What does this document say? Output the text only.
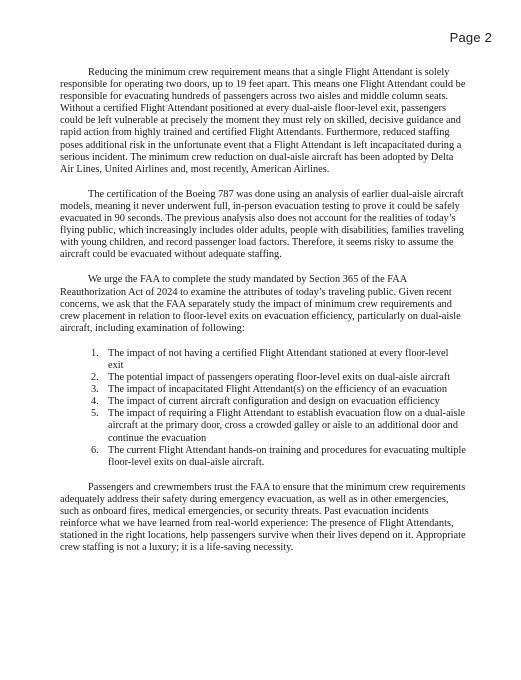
Page 2

Reducing the minimum crew requirement means that a single Flight Attendant is solely responsible for operating two doors, up to 19 feet apart. This means one Flight Attendant could be responsible for evacuating hundreds of passengers across two aisles and middle column seats. Without a certified Flight Attendant positioned at every dual-aisle floor-level exit, passengers could be left vulnerable at precisely the moment they must rely on skilled, decisive guidance and rapid action from highly trained and certified Flight Attendants. Furthermore, reduced staffing poses additional risk in the unfortunate event that a Flight Attendant is left incapacitated during a serious incident. The minimum crew reduction on dual-aisle aircraft has been adopted by Delta Air Lines, United Airlines and, most recently, American Airlines.

The certification of the Boeing 787 was done using an analysis of earlier dual-aisle aircraft models, meaning it never underwent full, in-person evacuation testing to prove it could be safely evacuated in 90 seconds. The previous analysis also does not account for the realities of today’s flying public, which increasingly includes older adults, people with disabilities, families traveling with young children, and record passenger load factors. Therefore, it seems risky to assume the aircraft could be evacuated without adequate staffing.

We urge the FAA to complete the study mandated by Section 365 of the FAA Reauthorization Act of 2024 to examine the attributes of today’s traveling public. Given recent concerns, we ask that the FAA separately study the impact of minimum crew requirements and crew placement in relation to floor-level exits on evacuation efficiency, particularly on dual-aisle aircraft, including examination of following:

1. The impact of not having a certified Flight Attendant stationed at every floor-level exit
2. The potential impact of passengers operating floor-level exits on dual-aisle aircraft
3. The impact of incapacitated Flight Attendant(s) on the efficiency of an evacuation
4. The impact of current aircraft configuration and design on evacuation efficiency
5. The impact of requiring a Flight Attendant to establish evacuation flow on a dual-aisle aircraft at the primary door, cross a crowded galley or aisle to an additional door and continue the evacuation
6. The current Flight Attendant hands-on training and procedures for evacuating multiple floor-level exits on dual-aisle aircraft.

Passengers and crewmembers trust the FAA to ensure that the minimum crew requirements adequately address their safety during emergency evacuation, as well as in other emergencies, such as onboard fires, medical emergencies, or security threats. Past evacuation incidents reinforce what we have learned from real-world experience: The presence of Flight Attendants, stationed in the right locations, help passengers survive when their lives depend on it. Appropriate crew staffing is not a luxury; it is a life-saving necessity.
